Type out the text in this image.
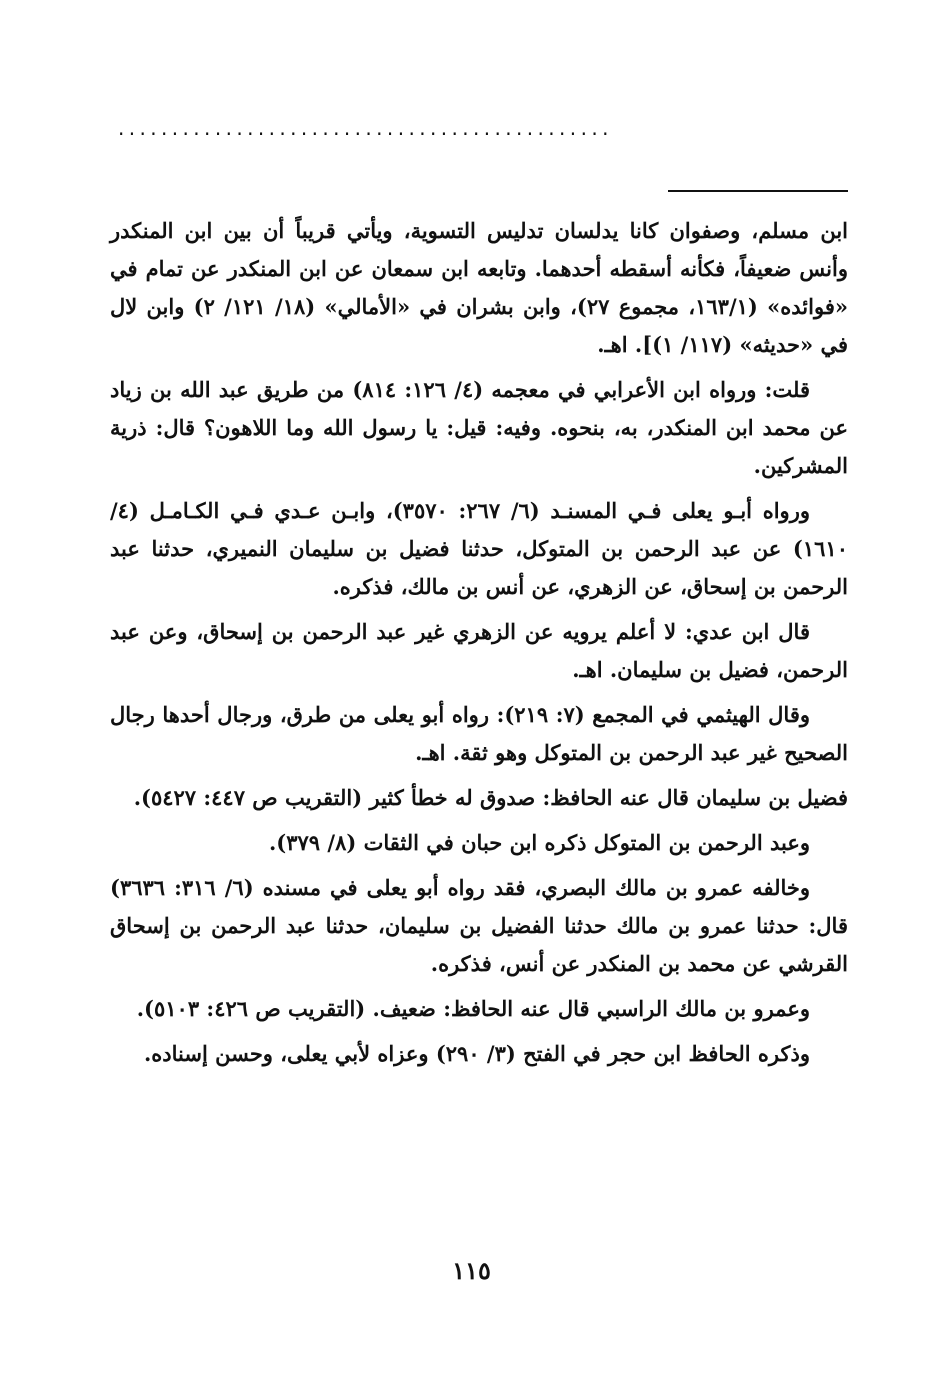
..............................................

ابن مسلم، وصفوان كانا يدلسان تدليس التسوية، ويأتي قريباً أن بين ابن المنكدر وأنس ضعيفاً، فكأنه أسقطه أحدهما. وتابعه ابن سمعان عن ابن المنكدر عن تمام في «فوائده» (١٦٣/١، مجموع ٢٧)، وابن بشران في «الأمالي» (١٨/ ١٢١/ ٢) وابن لال في «حديثه» (١١٧/ ١)]. اهـ.

قلت: ورواه ابن الأعرابي في معجمه (٤/ ١٢٦: ٨١٤) من طريق عبد الله بن زياد عن محمد ابن المنكدر، به، بنحوه. وفيه: قيل: يا رسول الله وما اللاهون؟ قال: ذرية المشركين.

ورواه أبـو يعلى فـي المسنـد (٦/ ٢٦٧: ٣٥٧٠)، وابـن عـدي فـي الكـامـل (٤/ ١٦١٠) عن عبد الرحمن بن المتوكل، حدثنا فضيل بن سليمان النميري، حدثنا عبد الرحمن بن إسحاق، عن الزهري، عن أنس بن مالك، فذكره.

قال ابن عدي: لا أعلم يرويه عن الزهري غير عبد الرحمن بن إسحاق، وعن عبد الرحمن، فضيل بن سليمان. اهـ.

وقال الهيثمي في المجمع (٧: ٢١٩): رواه أبو يعلى من طرق، ورجال أحدها رجال الصحيح غير عبد الرحمن بن المتوكل وهو ثقة. اهـ.

فضيل بن سليمان قال عنه الحافظ: صدوق له خطأ كثير (التقريب ص ٤٤٧: ٥٤٢٧).

وعبد الرحمن بن المتوكل ذكره ابن حبان في الثقات (٨/ ٣٧٩).

وخالفه عمرو بن مالك البصري، فقد رواه أبو يعلى في مسنده (٦/ ٣١٦: ٣٦٣٦) قال: حدثنا عمرو بن مالك حدثنا الفضيل بن سليمان، حدثنا عبد الرحمن بن إسحاق القرشي عن محمد بن المنكدر عن أنس، فذكره.

وعمرو بن مالك الراسبي قال عنه الحافظ: ضعيف. (التقريب ص ٤٢٦: ٥١٠٣).

وذكره الحافظ ابن حجر في الفتح (٣/ ٢٩٠) وعزاه لأبي يعلى، وحسن إسناده.

١١٥
